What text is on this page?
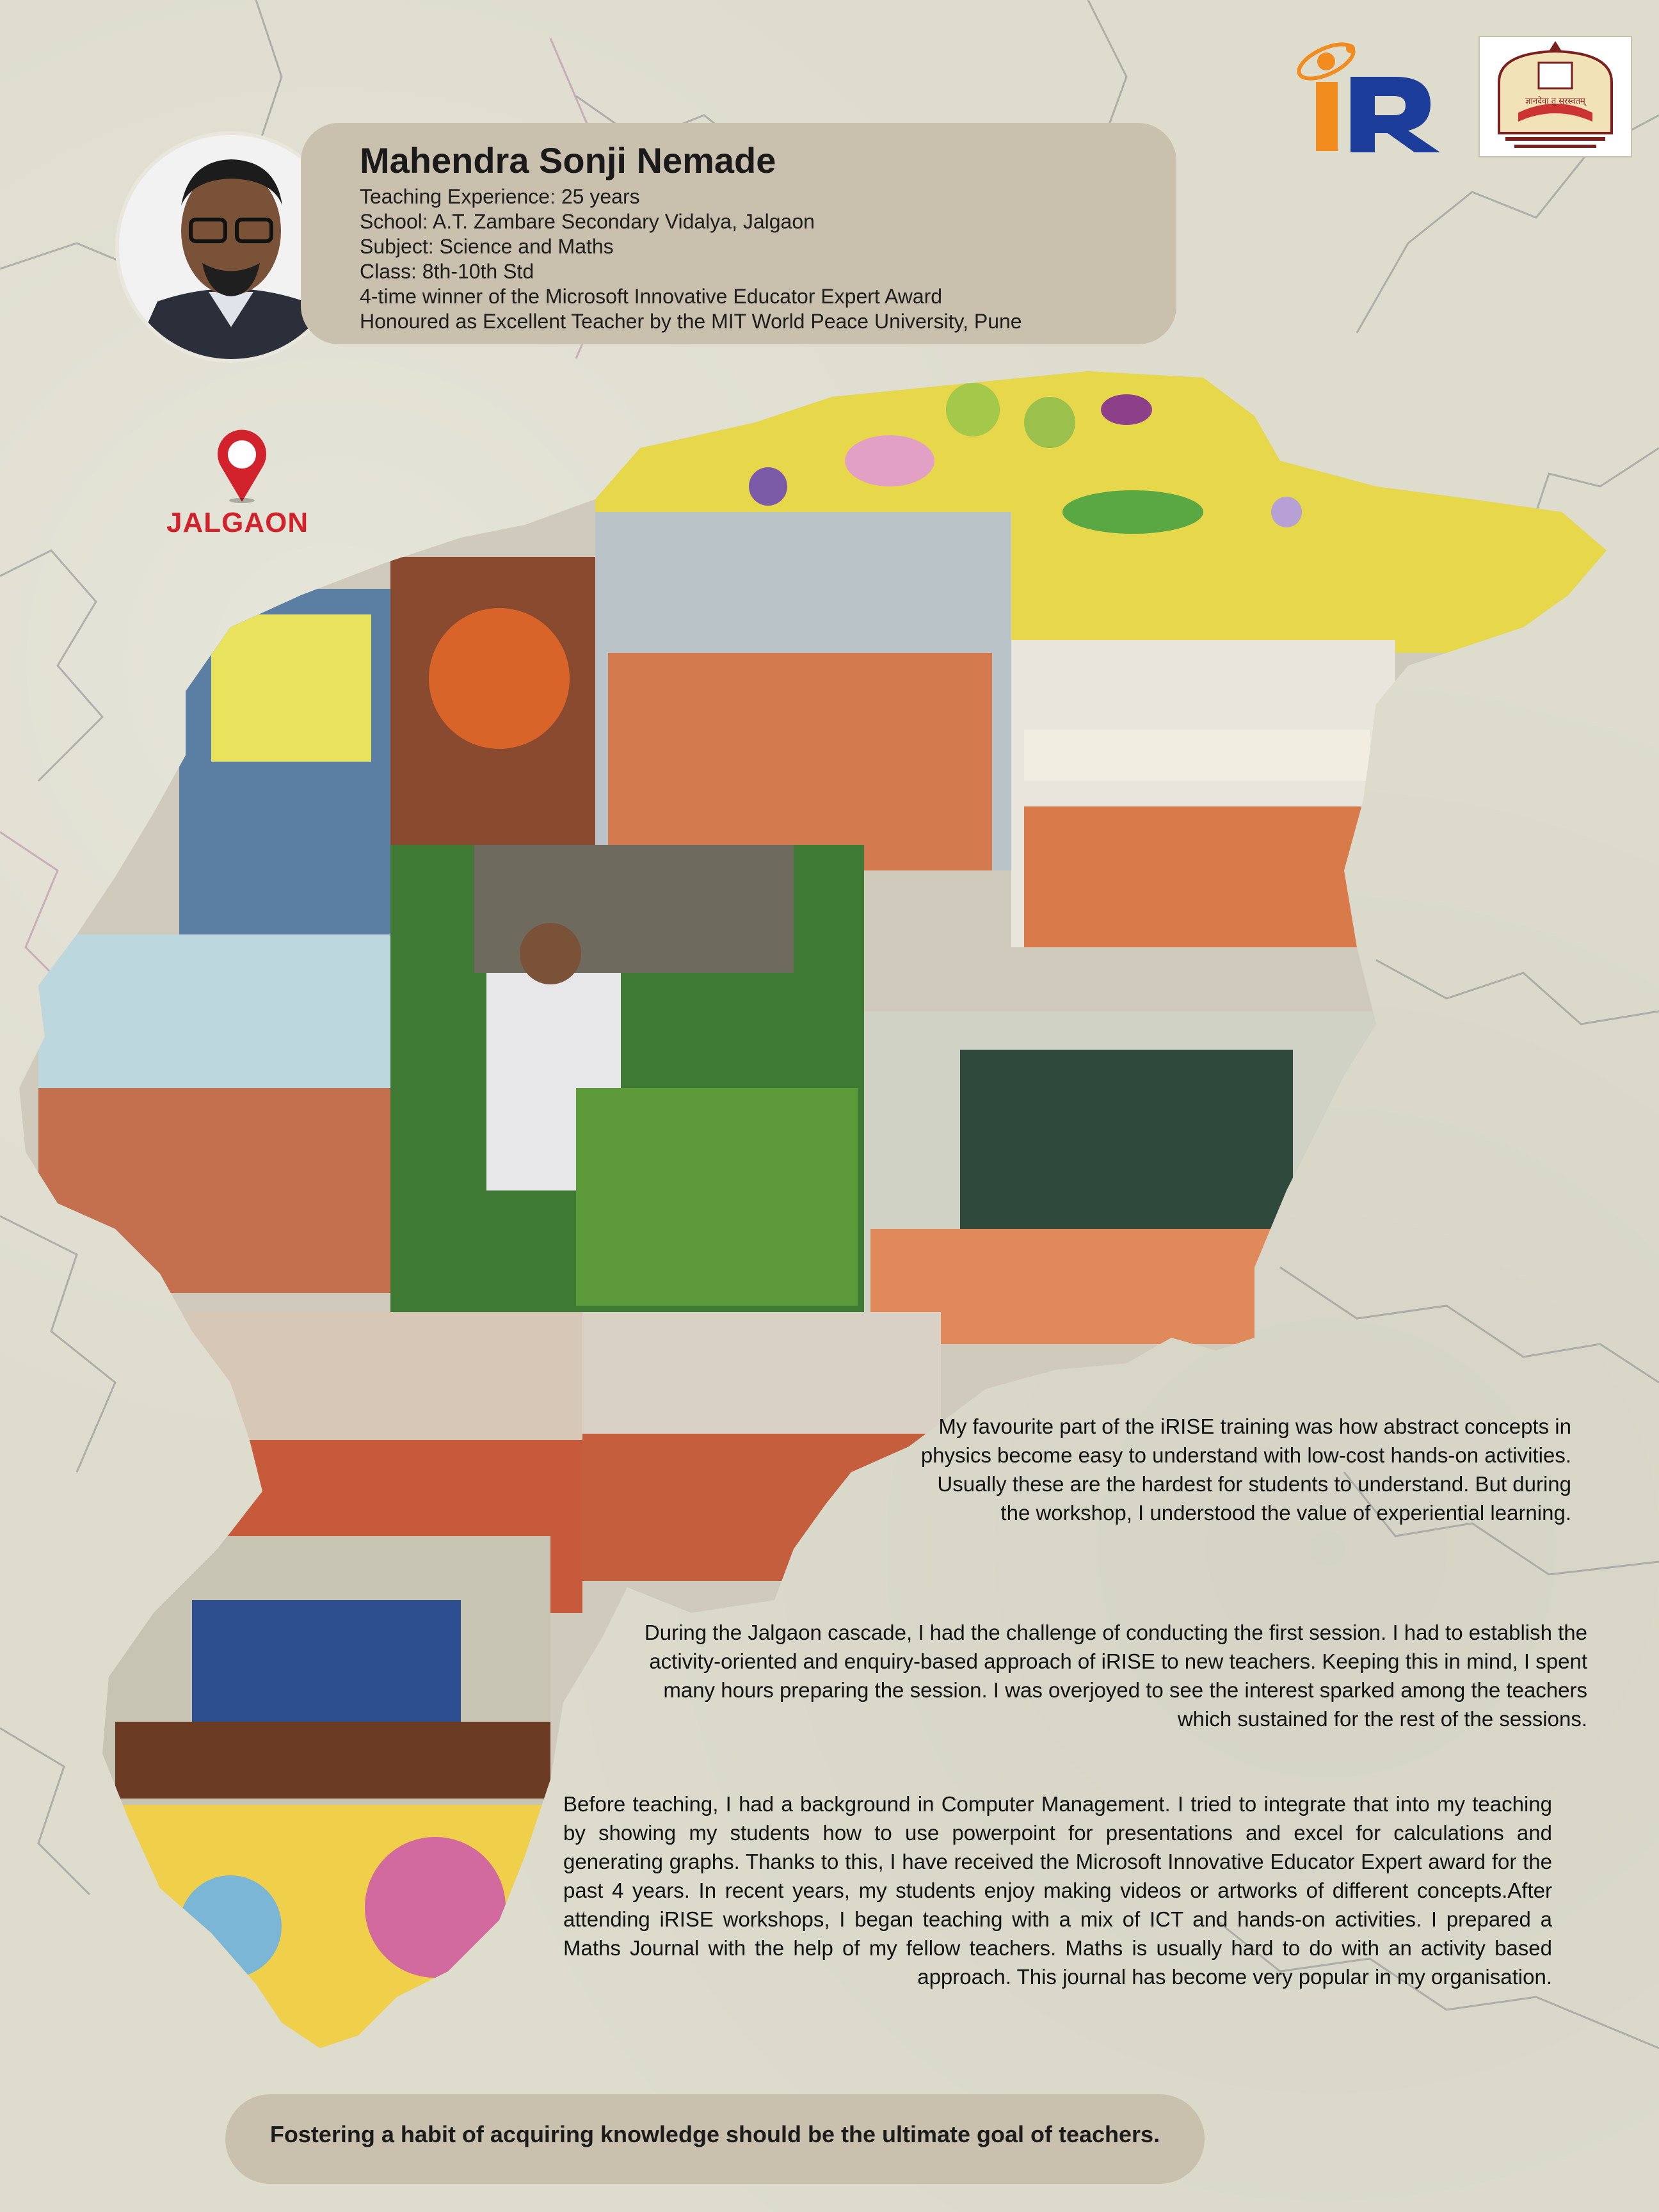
Mahendra Sonji Nemade
Teaching Experience: 25 years
School: A.T. Zambare Secondary Vidalya, Jalgaon
Subject: Science and Maths
Class: 8th-10th Std
4-time winner of the Microsoft Innovative Educator Expert Award
Honoured as Excellent Teacher by the MIT World Peace University, Pune
ज्ञानदेवा तु सरस्वतम्
JALGAON
My favourite part of the iRISE training was how abstract concepts in physics become easy to understand with low-cost hands-on activities. Usually these are the hardest for students to understand. But during the workshop, I understood the value of experiential learning.
During the Jalgaon cascade, I had the challenge of conducting the first session. I had to establish the activity-oriented and enquiry-based approach of iRISE to new teachers. Keeping this in mind, I spent many hours preparing the session. I was overjoyed to see the interest sparked among the teachers which sustained for the rest of the sessions.
Before teaching, I had a background in Computer Management. I tried to integrate that into my teaching by showing my students how to use powerpoint for presentations and excel for calculations and generating graphs. Thanks to this, I have received the Microsoft Innovative Educator Expert award for the past 4 years. In recent years, my students enjoy making videos or artworks of different concepts.After attending iRISE workshops, I began teaching with a mix of ICT and hands-on activities. I prepared a Maths Journal with the help of my fellow teachers. Maths is usually hard to do with an activity based approach. This journal has become very popular in my organisation.
Fostering a habit of acquiring knowledge should be the ultimate goal of teachers.
